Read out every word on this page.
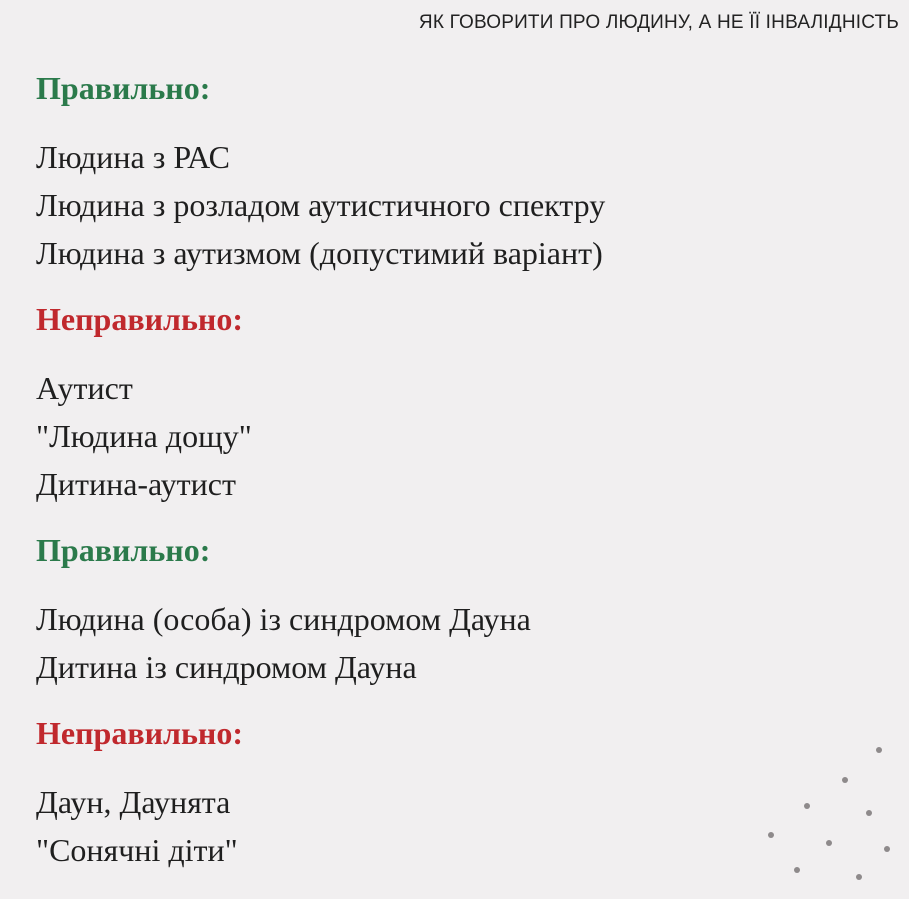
ЯК ГОВОРИТИ ПРО ЛЮДИНУ, А НЕ ЇЇ ІНВАЛІДНІСТЬ
Правильно:
Людина з РАС
Людина з розладом аутистичного спектру
Людина з аутизмом (допустимий варіант)
Неправильно:
Аутист
"Людина дощу"
Дитина-аутист
Правильно:
Людина (особа) із синдромом Дауна
Дитина із синдромом Дауна
Неправильно:
Даун, Даунята
"Сонячні діти"
